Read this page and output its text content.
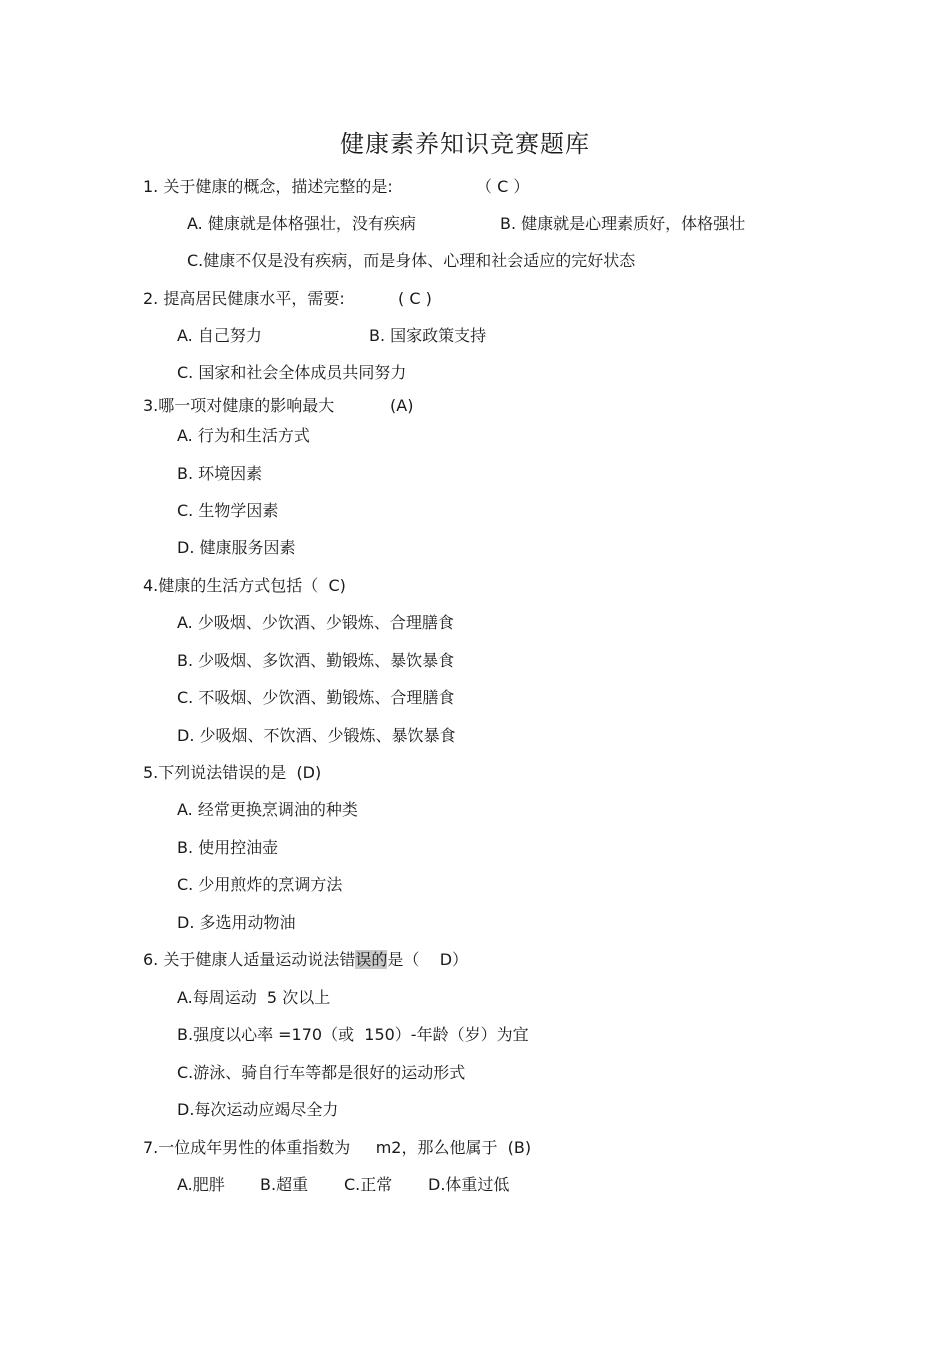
健康素养知识竞赛题库
1. 关于健康的概念，描述完整的是:	（ C ）
A. 健康就是体格强壮，没有疾病	B. 健康就是心理素质好，体格强壮
C.健康不仅是没有疾病，而是身体、心理和社会适应的完好状态
2. 提高居民健康水平，需要:	( C )
A. 自己努力	B. 国家政策支持
C. 国家和社会全体成员共同努力
3.哪一项对健康的影响最大	(A)
A. 行为和生活方式
B. 环境因素
C. 生物学因素
D. 健康服务因素
4.健康的生活方式包括（  C)
A. 少吸烟、少饮酒、少锻炼、合理膳食
B. 少吸烟、多饮酒、勤锻炼、暴饮暴食
C. 不吸烟、少饮酒、勤锻炼、合理膳食
D. 少吸烟、不饮酒、少锻炼、暴饮暴食
5.下列说法错误的是  (D)
A. 经常更换烹调油的种类
B. 使用控油壶
C. 少用煎炸的烹调方法
D. 多选用动物油
6. 关于健康人适量运动说法错误的是（    D）
A.每周运动  5 次以上
B.强度以心率 =170（或  150）-年龄（岁）为宜
C.游泳、骑自行车等都是很好的运动形式
D.每次运动应竭尽全力
7.一位成年男性的体重指数为     m2，那么他属于  (B)
A.肥胖 B.超重 C.正常 D.体重过低
